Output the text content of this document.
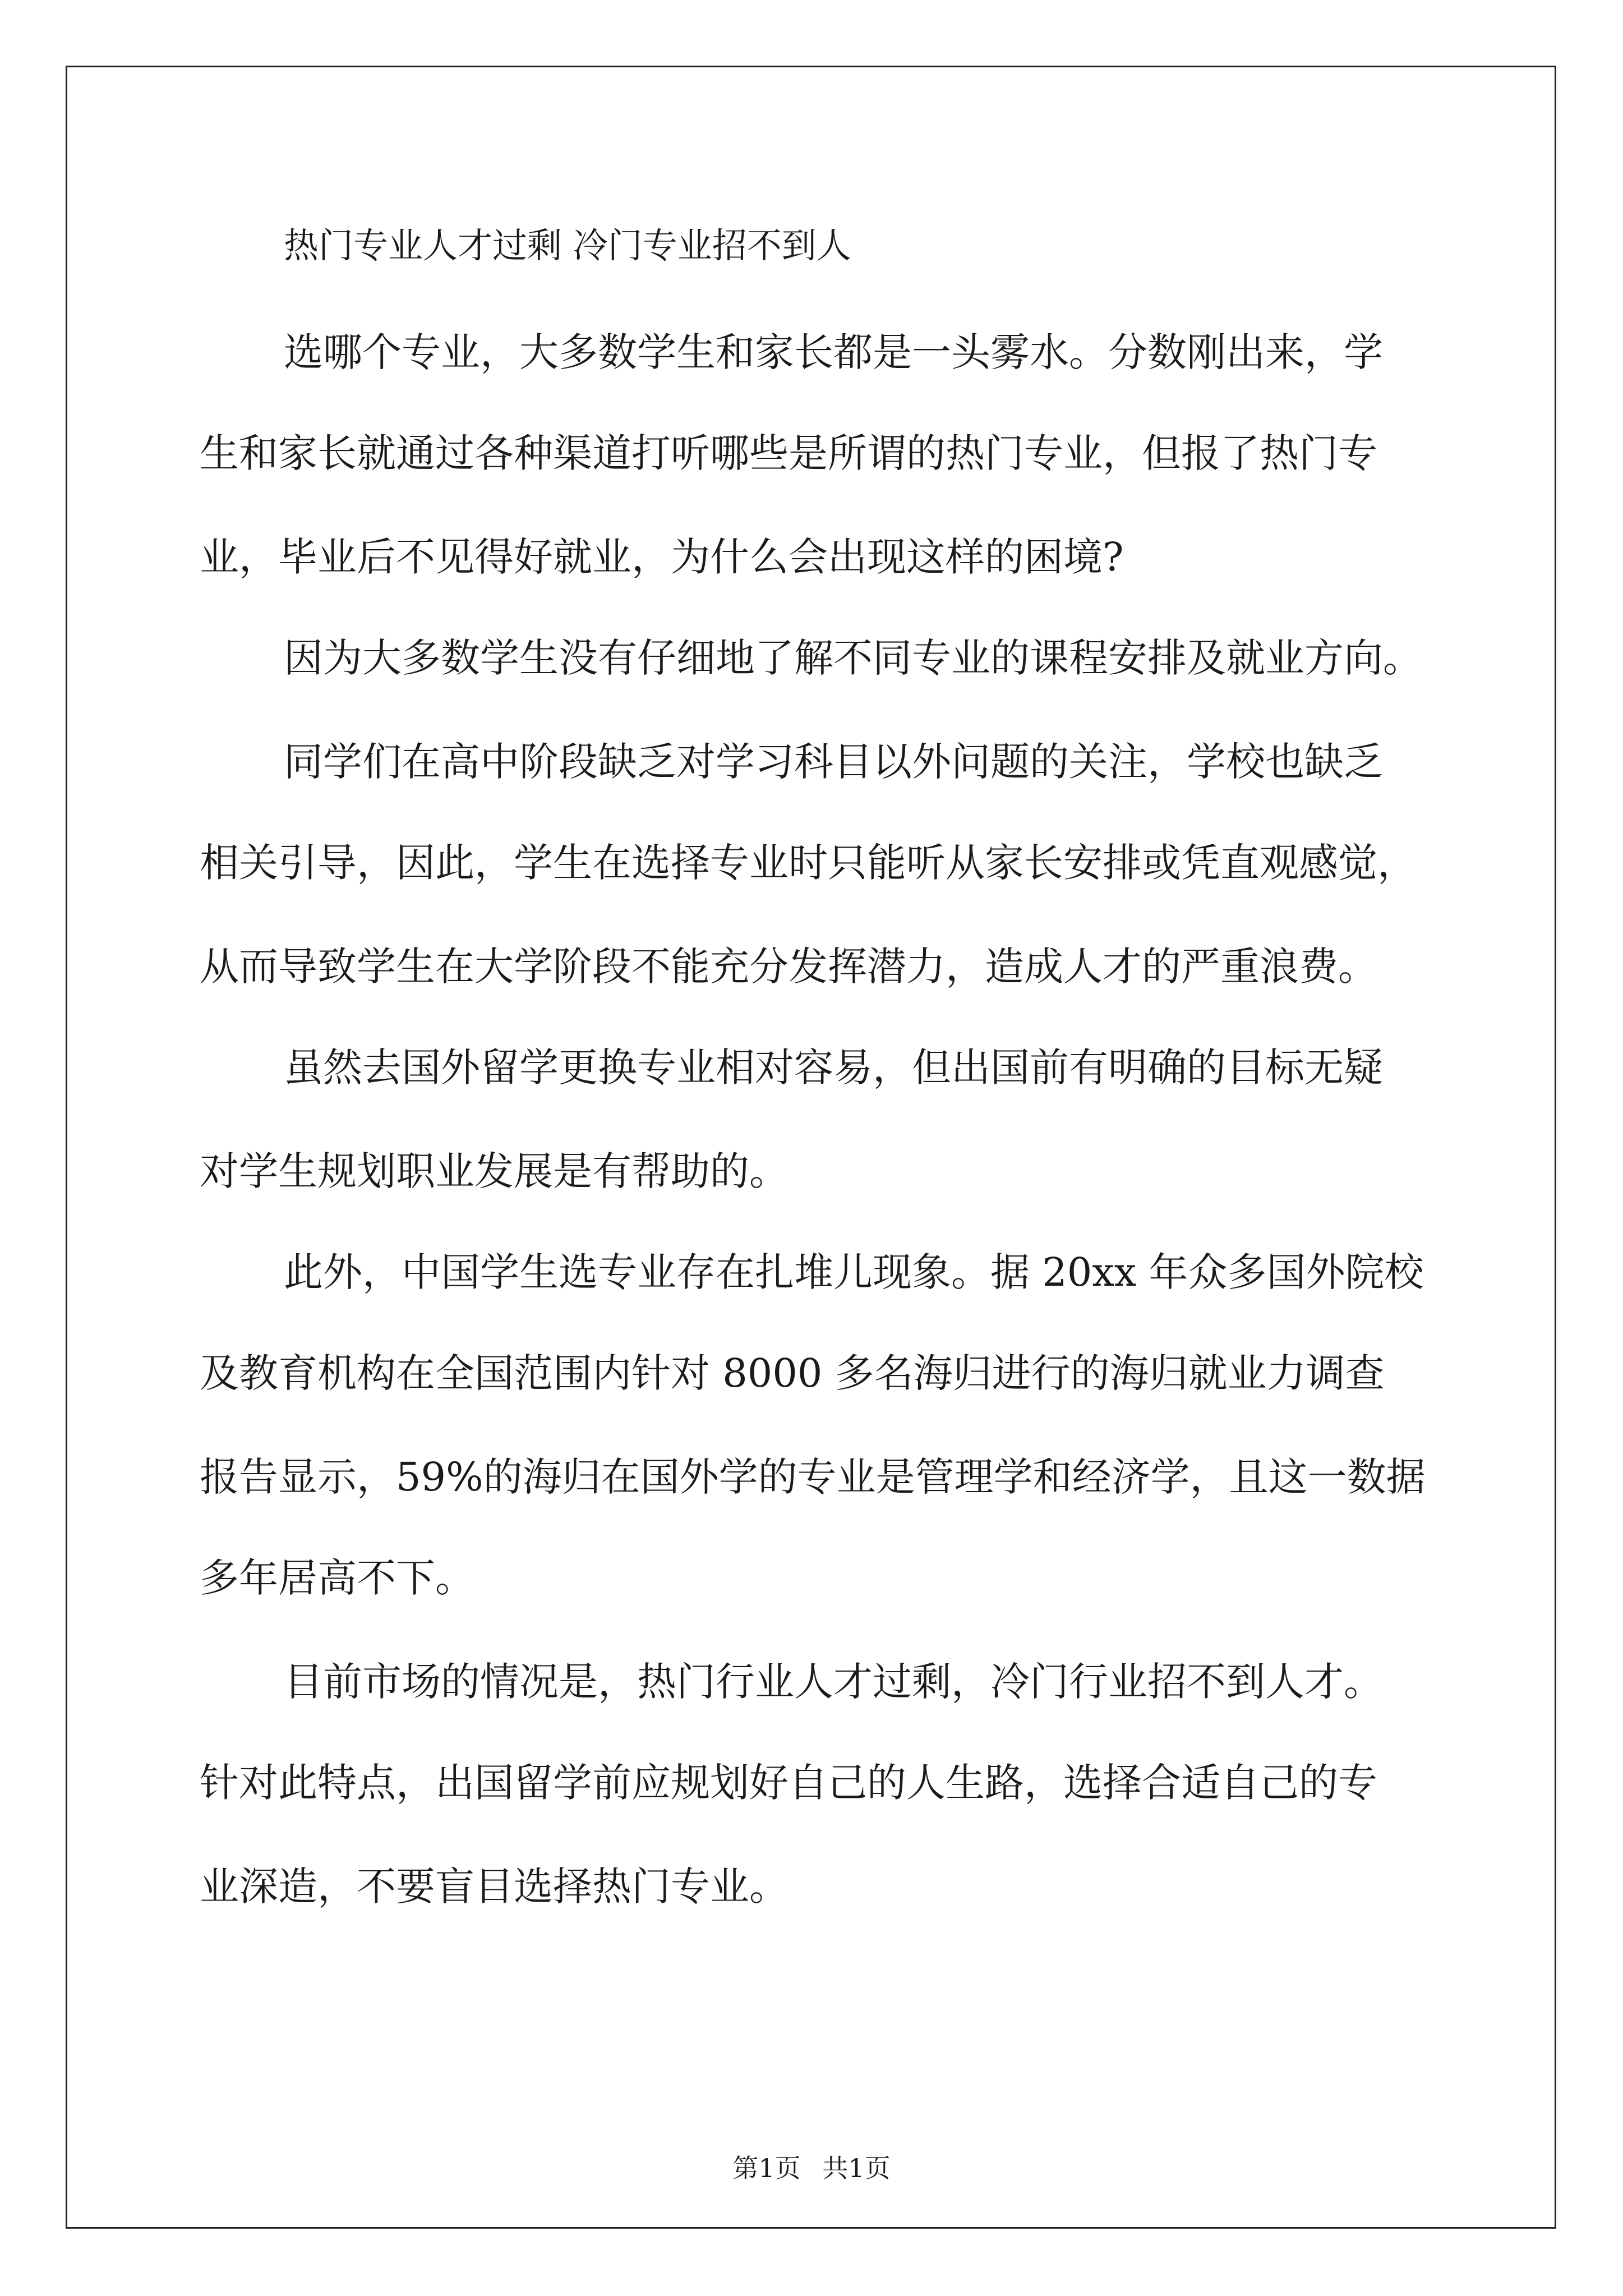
热门专业人才过剩 冷门专业招不到人

选哪个专业，大多数学生和家长都是一头雾水。分数刚出来，学

生和家长就通过各种渠道打听哪些是所谓的热门专业，但报了热门专

业，毕业后不见得好就业，为什么会出现这样的困境?

因为大多数学生没有仔细地了解不同专业的课程安排及就业方向。

同学们在高中阶段缺乏对学习科目以外问题的关注，学校也缺乏

相关引导，因此，学生在选择专业时只能听从家长安排或凭直观感觉，

从而导致学生在大学阶段不能充分发挥潜力，造成人才的严重浪费。

虽然去国外留学更换专业相对容易，但出国前有明确的目标无疑

对学生规划职业发展是有帮助的。

此外，中国学生选专业存在扎堆儿现象。据 20xx 年众多国外院校

及教育机构在全国范围内针对 8000 多名海归进行的海归就业力调查

报告显示，59%的海归在国外学的专业是管理学和经济学，且这一数据

多年居高不下。

目前市场的情况是，热门行业人才过剩，冷门行业招不到人才。

针对此特点，出国留学前应规划好自己的人生路，选择合适自己的专

业深造，不要盲目选择热门专业。

第1页 共1页
